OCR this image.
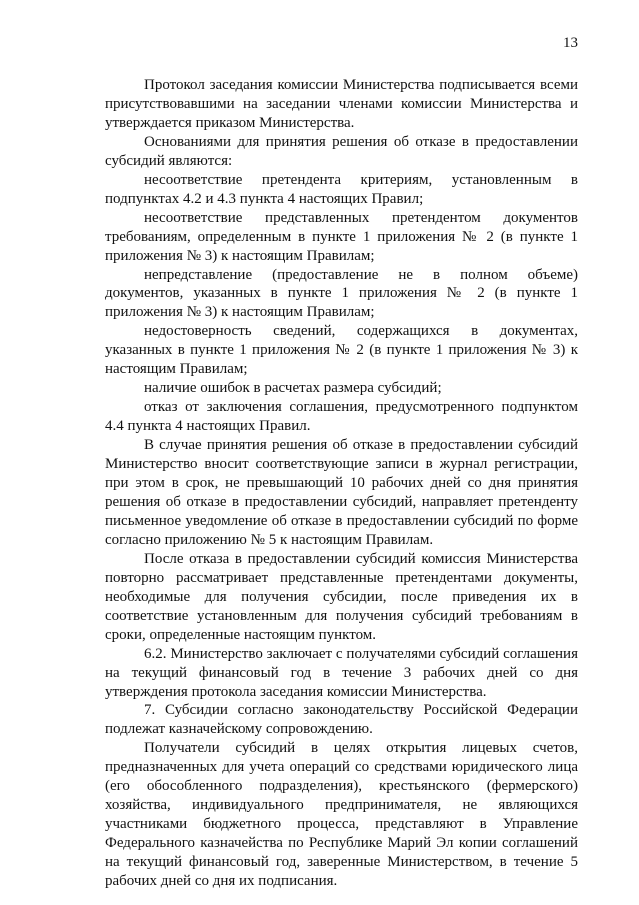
13

Протокол заседания комиссии Министерства подписывается всеми присутствовавшими на заседании членами комиссии Министерства и утверждается приказом Министерства.

Основаниями для принятия решения об отказе в предоставлении субсидий являются:

несоответствие претендента критериям, установленным в подпунктах 4.2 и 4.3 пункта 4 настоящих Правил;

несоответствие представленных претендентом документов требованиям, определенным в пункте 1 приложения № 2 (в пункте 1 приложения № 3) к настоящим Правилам;

непредставление (предоставление не в полном объеме) документов, указанных в пункте 1 приложения № 2 (в пункте 1 приложения № 3) к настоящим Правилам;

недостоверность сведений, содержащихся в документах, указанных в пункте 1 приложения № 2 (в пункте 1 приложения № 3) к настоящим Правилам;

наличие ошибок в расчетах размера субсидий;

отказ от заключения соглашения, предусмотренного подпунктом 4.4 пункта 4 настоящих Правил.

В случае принятия решения об отказе в предоставлении субсидий Министерство вносит соответствующие записи в журнал регистрации, при этом в срок, не превышающий 10 рабочих дней со дня принятия решения об отказе в предоставлении субсидий, направляет претенденту письменное уведомление об отказе в предоставлении субсидий по форме согласно приложению № 5 к настоящим Правилам.

После отказа в предоставлении субсидий комиссия Министерства повторно рассматривает представленные претендентами документы, необходимые для получения субсидии, после приведения их в соответствие установленным для получения субсидий требованиям в сроки, определенные настоящим пунктом.

6.2. Министерство заключает с получателями субсидий соглашения на текущий финансовый год в течение 3 рабочих дней со дня утверждения протокола заседания комиссии Министерства.

7. Субсидии согласно законодательству Российской Федерации подлежат казначейскому сопровождению.

Получатели субсидий в целях открытия лицевых счетов, предназначенных для учета операций со средствами юридического лица (его обособленного подразделения), крестьянского (фермерского) хозяйства, индивидуального предпринимателя, не являющихся участниками бюджетного процесса, представляют в Управление Федерального казначейства по Республике Марий Эл копии соглашений на текущий финансовый год, заверенные Министерством, в течение 5 рабочих дней со дня их подписания.
